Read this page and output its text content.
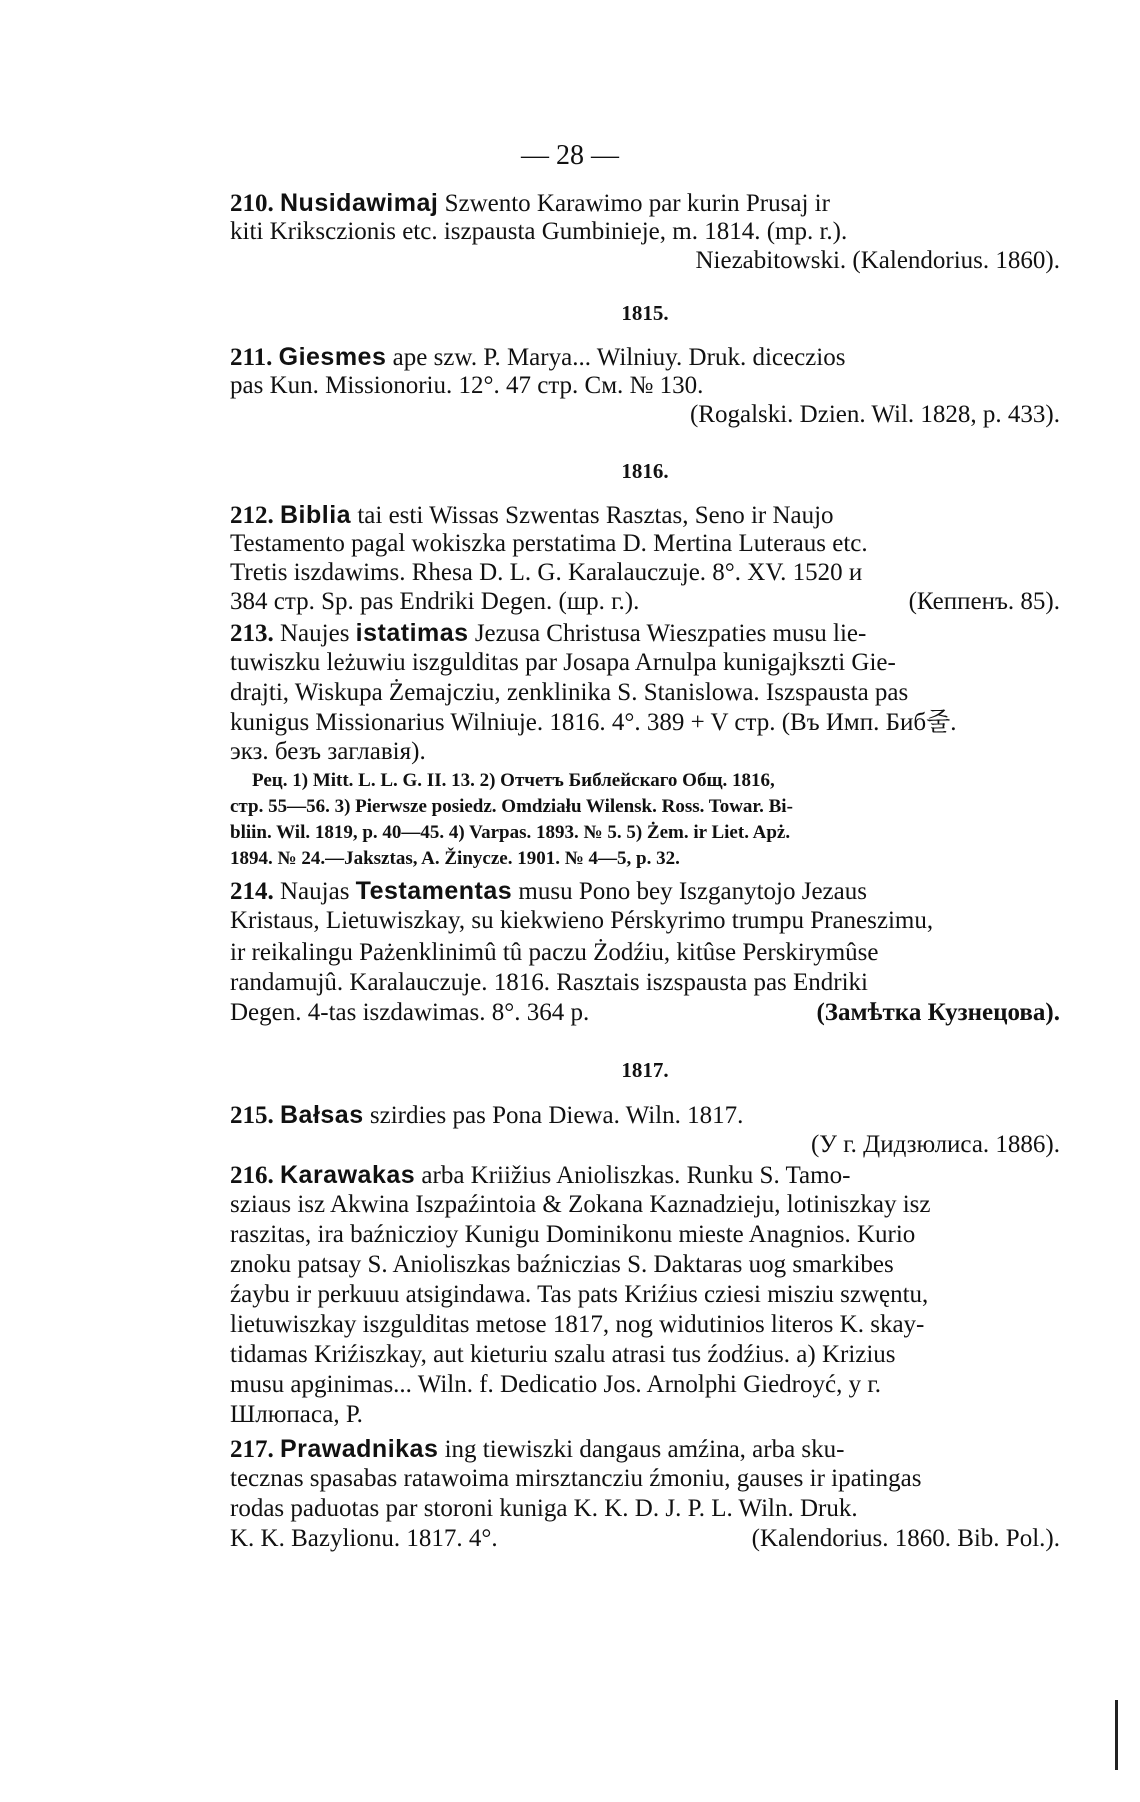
— 28 —
210. Nusidawimaj Szwento Karawimo par kurin Prusaj ir
kiti Kriksczionis etc. iszpausta Gumbinieje, m. 1814. (mp. r.).
Niezabitowski. (Kalendorius. 1860).
1815.
211. Giesmes ape szw. P. Marya... Wilniuy. Druk. diceczios
pas Kun. Missionoriu. 12°. 47 стр. См. № 130.
(Rogalski. Dzien. Wil. 1828, p. 433).
1816.
212. Biblia tai esti Wissas Szwentas Rasztas, Seno ir Naujo
Testamento pagal wokiszka perstatima D. Mertina Luteraus etc.
Tretis iszdawims. Rhesa D. L. G. Karalauczuje. 8°. XV. 1520 и
384 стр. Sp. pas Endriki Degen. (шр. г.).	(Кеппенъ. 85).
213. Naujes istatimas Jezusa Christusa Wieszpaties musu lie-
tuwiszku leżuwiu iszgulditas par Josapa Arnulpa kunigajkszti Gie-
drajti, Wiskupa Żemajcziu, zenklinika S. Stanislowa. Iszspausta pas
kunigus Missionarius Wilniuje. 1816. 4°. 389 + V стр. (Въ Имп. Биб줄.
экз. безъ заглавія).
Рец. 1) Mitt. L. L. G. II. 13. 2) Отчетъ Библейскаго Общ. 1816,
стр. 55—56. 3) Pierwsze posiedz. Omdziału Wilensk. Ross. Towar. Bi-
bliin. Wil. 1819, p. 40—45. 4) Varpas. 1893. № 5. 5) Żem. ir Liet. Apż.
1894. № 24.—Jaksztas, A. Žinycze. 1901. № 4—5, p. 32.
214. Naujas Testamentas musu Pono bey Iszganytojo Jezaus
Kristaus, Lietuwiszkay, su kiekwieno Pérskyrimo trumpu Praneszimu,
ir reikalingu Pażenklinimû tû paczu Żodźiu, kitûse Perskirymûse
randamujû. Karalauczuje. 1816. Rasztais iszspausta pas Endriki
Degen. 4-tas iszdawimas. 8°. 364 p.	(Замѣтка Кузнецова).
1817.
215. Bałsas szirdies pas Pona Diewa. Wiln. 1817.
(У г. Дидзюлиса. 1886).
216. Karawakas arba Kriižius Anioliszkas. Runku S. Tamo-
sziaus isz Akwina Iszpaźintoia & Zokana Kaznadzieju, lotiniszkay isz
raszitas, ira baźniczioy Kunigu Dominikonu mieste Anagnios. Kurio
znoku patsay S. Anioliszkas baźniczias S. Daktaras uog smarkibes
źaybu ir perkuuu atsigindawa. Tas pats Kriźius cziesi misziu szwęntu,
lietuwiszkay iszgulditas metose 1817, nog widutinios literos K. skay-
tidamas Kriźiszkay, aut kieturiu szalu atrasi tus źodźius. a) Krizius
musu apginimas... Wiln. f. Dedicatio Jos. Arnolphi Giedroyć, у г.
Шлюпаса, Р.
217. Prawadnikas ing tiewiszki dangaus amźina, arba sku-
tecznas spasabas ratawoima mirsztancziu źmoniu, gauses ir ipatingas
rodas paduotas par storoni kuniga K. K. D. J. P. L. Wiln. Druk.
K. K. Bazylionu. 1817. 4°.	(Kalendorius. 1860. Bib. Pol.).
